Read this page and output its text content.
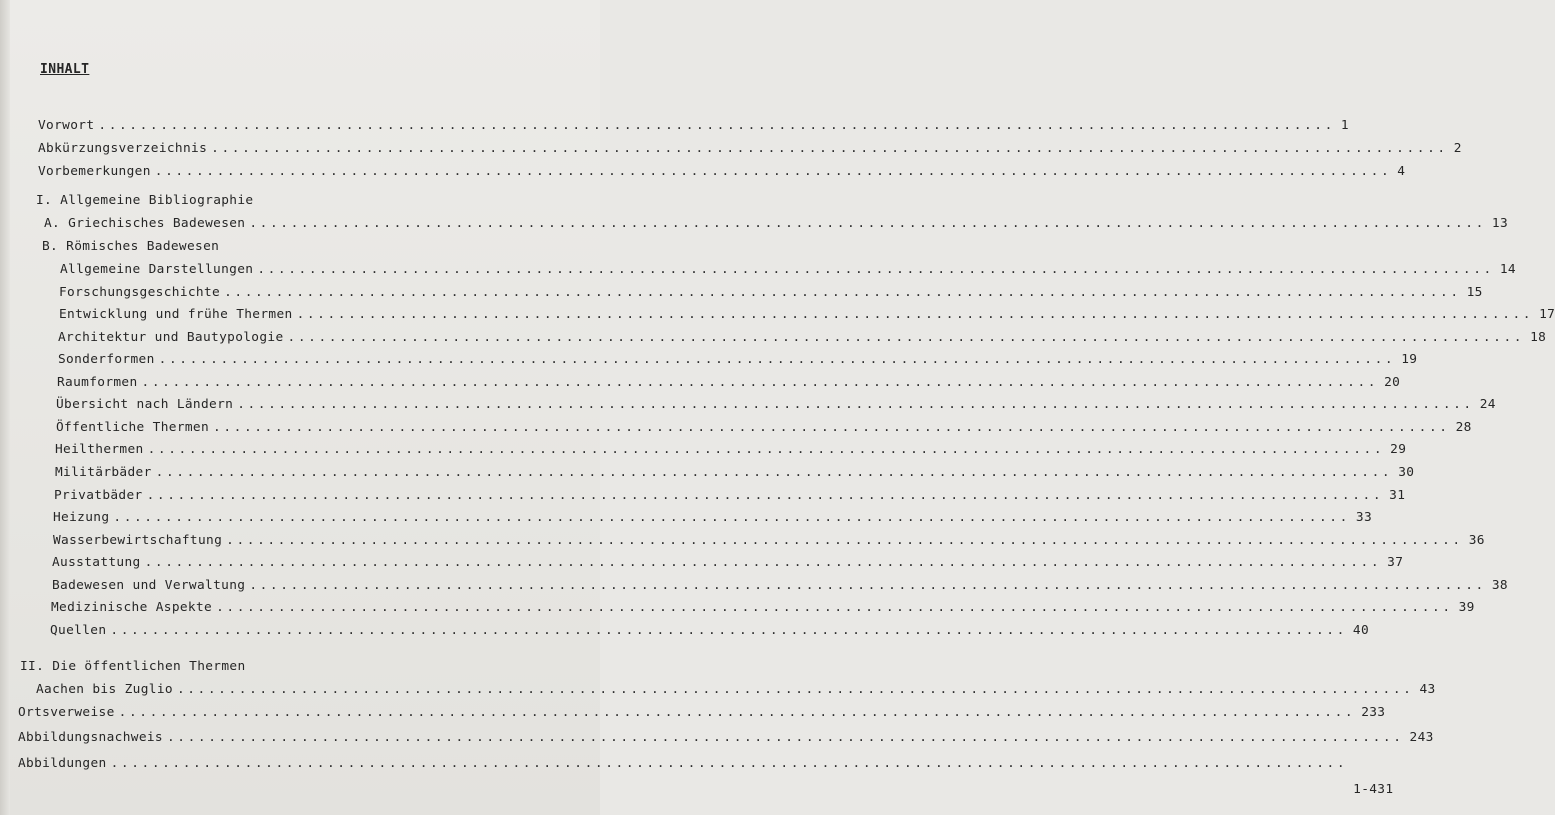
INHALT
Vorwort ........................................................................................................................ 1
Abkürzungsverzeichnis ........................................................................................................................ 2
Vorbemerkungen ........................................................................................................................ 4
I. Allgemeine Bibliographie
A. Griechisches Badewesen ........................................................................................................................ 13
B. Römisches Badewesen
Allgemeine Darstellungen ........................................................................................................................ 14
Forschungsgeschichte ........................................................................................................................ 15
Entwicklung und frühe Thermen ........................................................................................................................ 17
Architektur und Bautypologie ........................................................................................................................ 18
Sonderformen ........................................................................................................................ 19
Raumformen ........................................................................................................................ 20
Übersicht nach Ländern ........................................................................................................................ 24
Öffentliche Thermen ........................................................................................................................ 28
Heilthermen ........................................................................................................................ 29
Militärbäder ........................................................................................................................ 30
Privatbäder ........................................................................................................................ 31
Heizung ........................................................................................................................ 33
Wasserbewirtschaftung ........................................................................................................................ 36
Ausstattung ........................................................................................................................ 37
Badewesen und Verwaltung ........................................................................................................................ 38
Medizinische Aspekte ........................................................................................................................ 39
Quellen ........................................................................................................................ 40
II. Die öffentlichen Thermen
Aachen bis Zuglio ........................................................................................................................ 43
Ortsverweise ........................................................................................................................ 233
Abbildungsnachweis ........................................................................................................................ 243
Abbildungen ........................................................................................................................
1-431
